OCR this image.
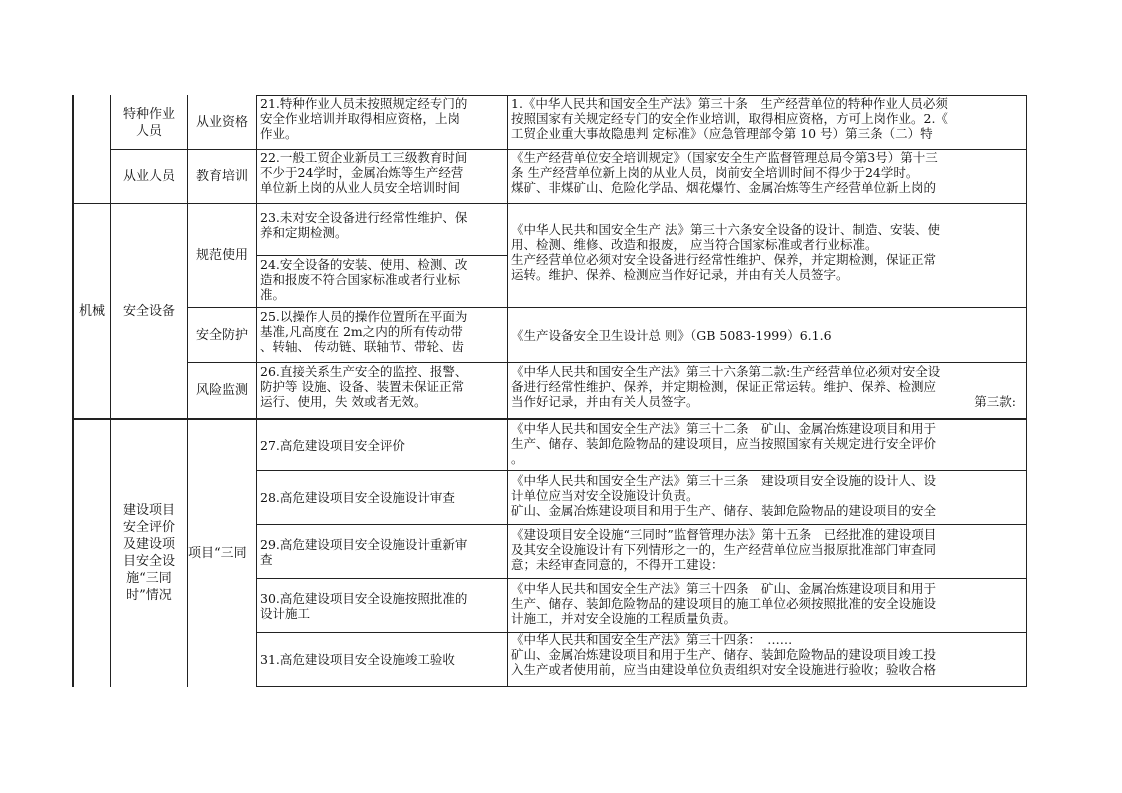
特种作业人员
从业资格
21.特种作业人员未按照规定经专门的
安全作业培训并取得相应资格，上岗
作业。
1.《中华人民共和国安全生产法》第三十条　生产经营单位的特种作业人员必须
按照国家有关规定经专门的安全作业培训，取得相应资格，方可上岗作业。2.《
工贸企业重大事故隐患判 定标准》（应急管理部令第 10 号）第三条（二）特
从业人员 教育培训
22.一般工贸企业新员工三级教育时间
不少于24学时，金属冶炼等生产经营
单位新上岗的从业人员安全培训时间
《生产经营单位安全培训规定》（国家安全生产监督管理总局令第3号）第十三
条 生产经营单位新上岗的从业人员，岗前安全培训时间不得少于24学时。
煤矿、非煤矿山、危险化学品、烟花爆竹、金属冶炼等生产经营单位新上岗的
机械 安全设备
规范使用
23.未对安全设备进行经常性维护、保
养和定期检测。
24.安全设备的安装、使用、检测、改
造和报废不符合国家标准或者行业标
准。
《中华人民共和国安全生产 法》第三十六条安全设备的设计、制造、安装、使
用、检测、维修、改造和报废， 应当符合国家标准或者行业标准。
生产经营单位必须对安全设备进行经常性维护、保养，并定期检测，保证正常
运转。维护、保养、检测应当作好记录，并由有关人员签字。
安全防护
25.以操作人员的操作位置所在平面为
基准,凡高度在 2m之内的所有传动带
、转轴、 传动链、联轴节、带轮、齿
《生产设备安全卫生设计总 则》（GB 5083-1999）6.1.6
风险监测
26.直接关系生产安全的监控、报警、
防护等 设施、设备、装置未保证正常
运行、使用，失 效或者无效。
《中华人民共和国安全生产法》第三十六条第二款:生产经营单位必须对安全设
备进行经常性维护、保养，并定期检测，保证正常运转。维护、保养、检测应
当作好记录，并由有关人员签字。	第三款:
建设项目
安全评价
及建设项
目安全设
施“三同
时”情况
项目“三同
27.高危建设项目安全评价
《中华人民共和国安全生产法》第三十二条　矿山、金属冶炼建设项目和用于
生产、储存、装卸危险物品的建设项目，应当按照国家有关规定进行安全评价
。
28.高危建设项目安全设施设计审查
《中华人民共和国安全生产法》第三十三条　建设项目安全设施的设计人、设
计单位应当对安全设施设计负责。
矿山、金属冶炼建设项目和用于生产、储存、装卸危险物品的建设项目的安全
29.高危建设项目安全设施设计重新审
查
《建设项目安全设施“三同时”监督管理办法》第十五条　已经批准的建设项目
及其安全设施设计有下列情形之一的，生产经营单位应当报原批准部门审查同
意；未经审查同意的，不得开工建设：
30.高危建设项目安全设施按照批准的
设计施工
《中华人民共和国安全生产法》第三十四条　矿山、金属冶炼建设项目和用于
生产、储存、装卸危险物品的建设项目的施工单位必须按照批准的安全设施设
计施工，并对安全设施的工程质量负责。
31.高危建设项目安全设施竣工验收
《中华人民共和国安全生产法》第三十四条：　……
矿山、金属冶炼建设项目和用于生产、储存、装卸危险物品的建设项目竣工投
入生产或者使用前，应当由建设单位负责组织对安全设施进行验收；验收合格
